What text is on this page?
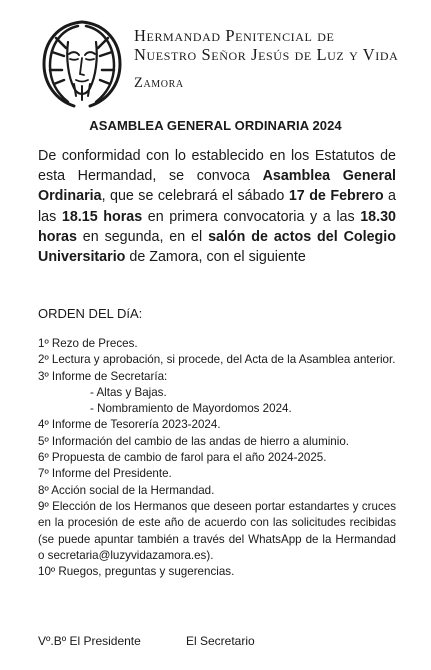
Hermandad Penitencial de
Nuestro Señor Jesús de Luz y Vida
Zamora
ASAMBLEA GENERAL ORDINARIA 2024
De conformidad con lo establecido en los Estatutos de esta Hermandad, se convoca Asamblea General Ordinaria, que se celebrará el sábado 17 de Febrero a las 18.15 horas en primera convocatoria y a las 18.30 horas en segunda, en el salón de actos del Colegio Universitario de Zamora, con el siguiente
ORDEN DEL DíA:

1º Rezo de Preces.

2º Lectura y aprobación, si procede, del Acta de la Asamblea anterior.

3º Informe de Secretaría:

- Altas y Bajas.

- Nombramiento de Mayordomos 2024.

4º Informe de Tesorería 2023-2024.

5º Información del cambio de las andas de hierro a aluminio.

6º Propuesta de cambio de farol para el año 2024-2025.

7º Informe del Presidente.

8º Acción social de la Hermandad.

9º Elección de los Hermanos que deseen portar estandartes y cruces en la procesión de este año de acuerdo con las solicitudes recibidas (se puede apuntar también a través del WhatsApp de la Hermandad o secretaria@luzyvidazamora.es).

10º Ruegos, preguntas y sugerencias.

Vº.Bº El Presidente	El Secretario
